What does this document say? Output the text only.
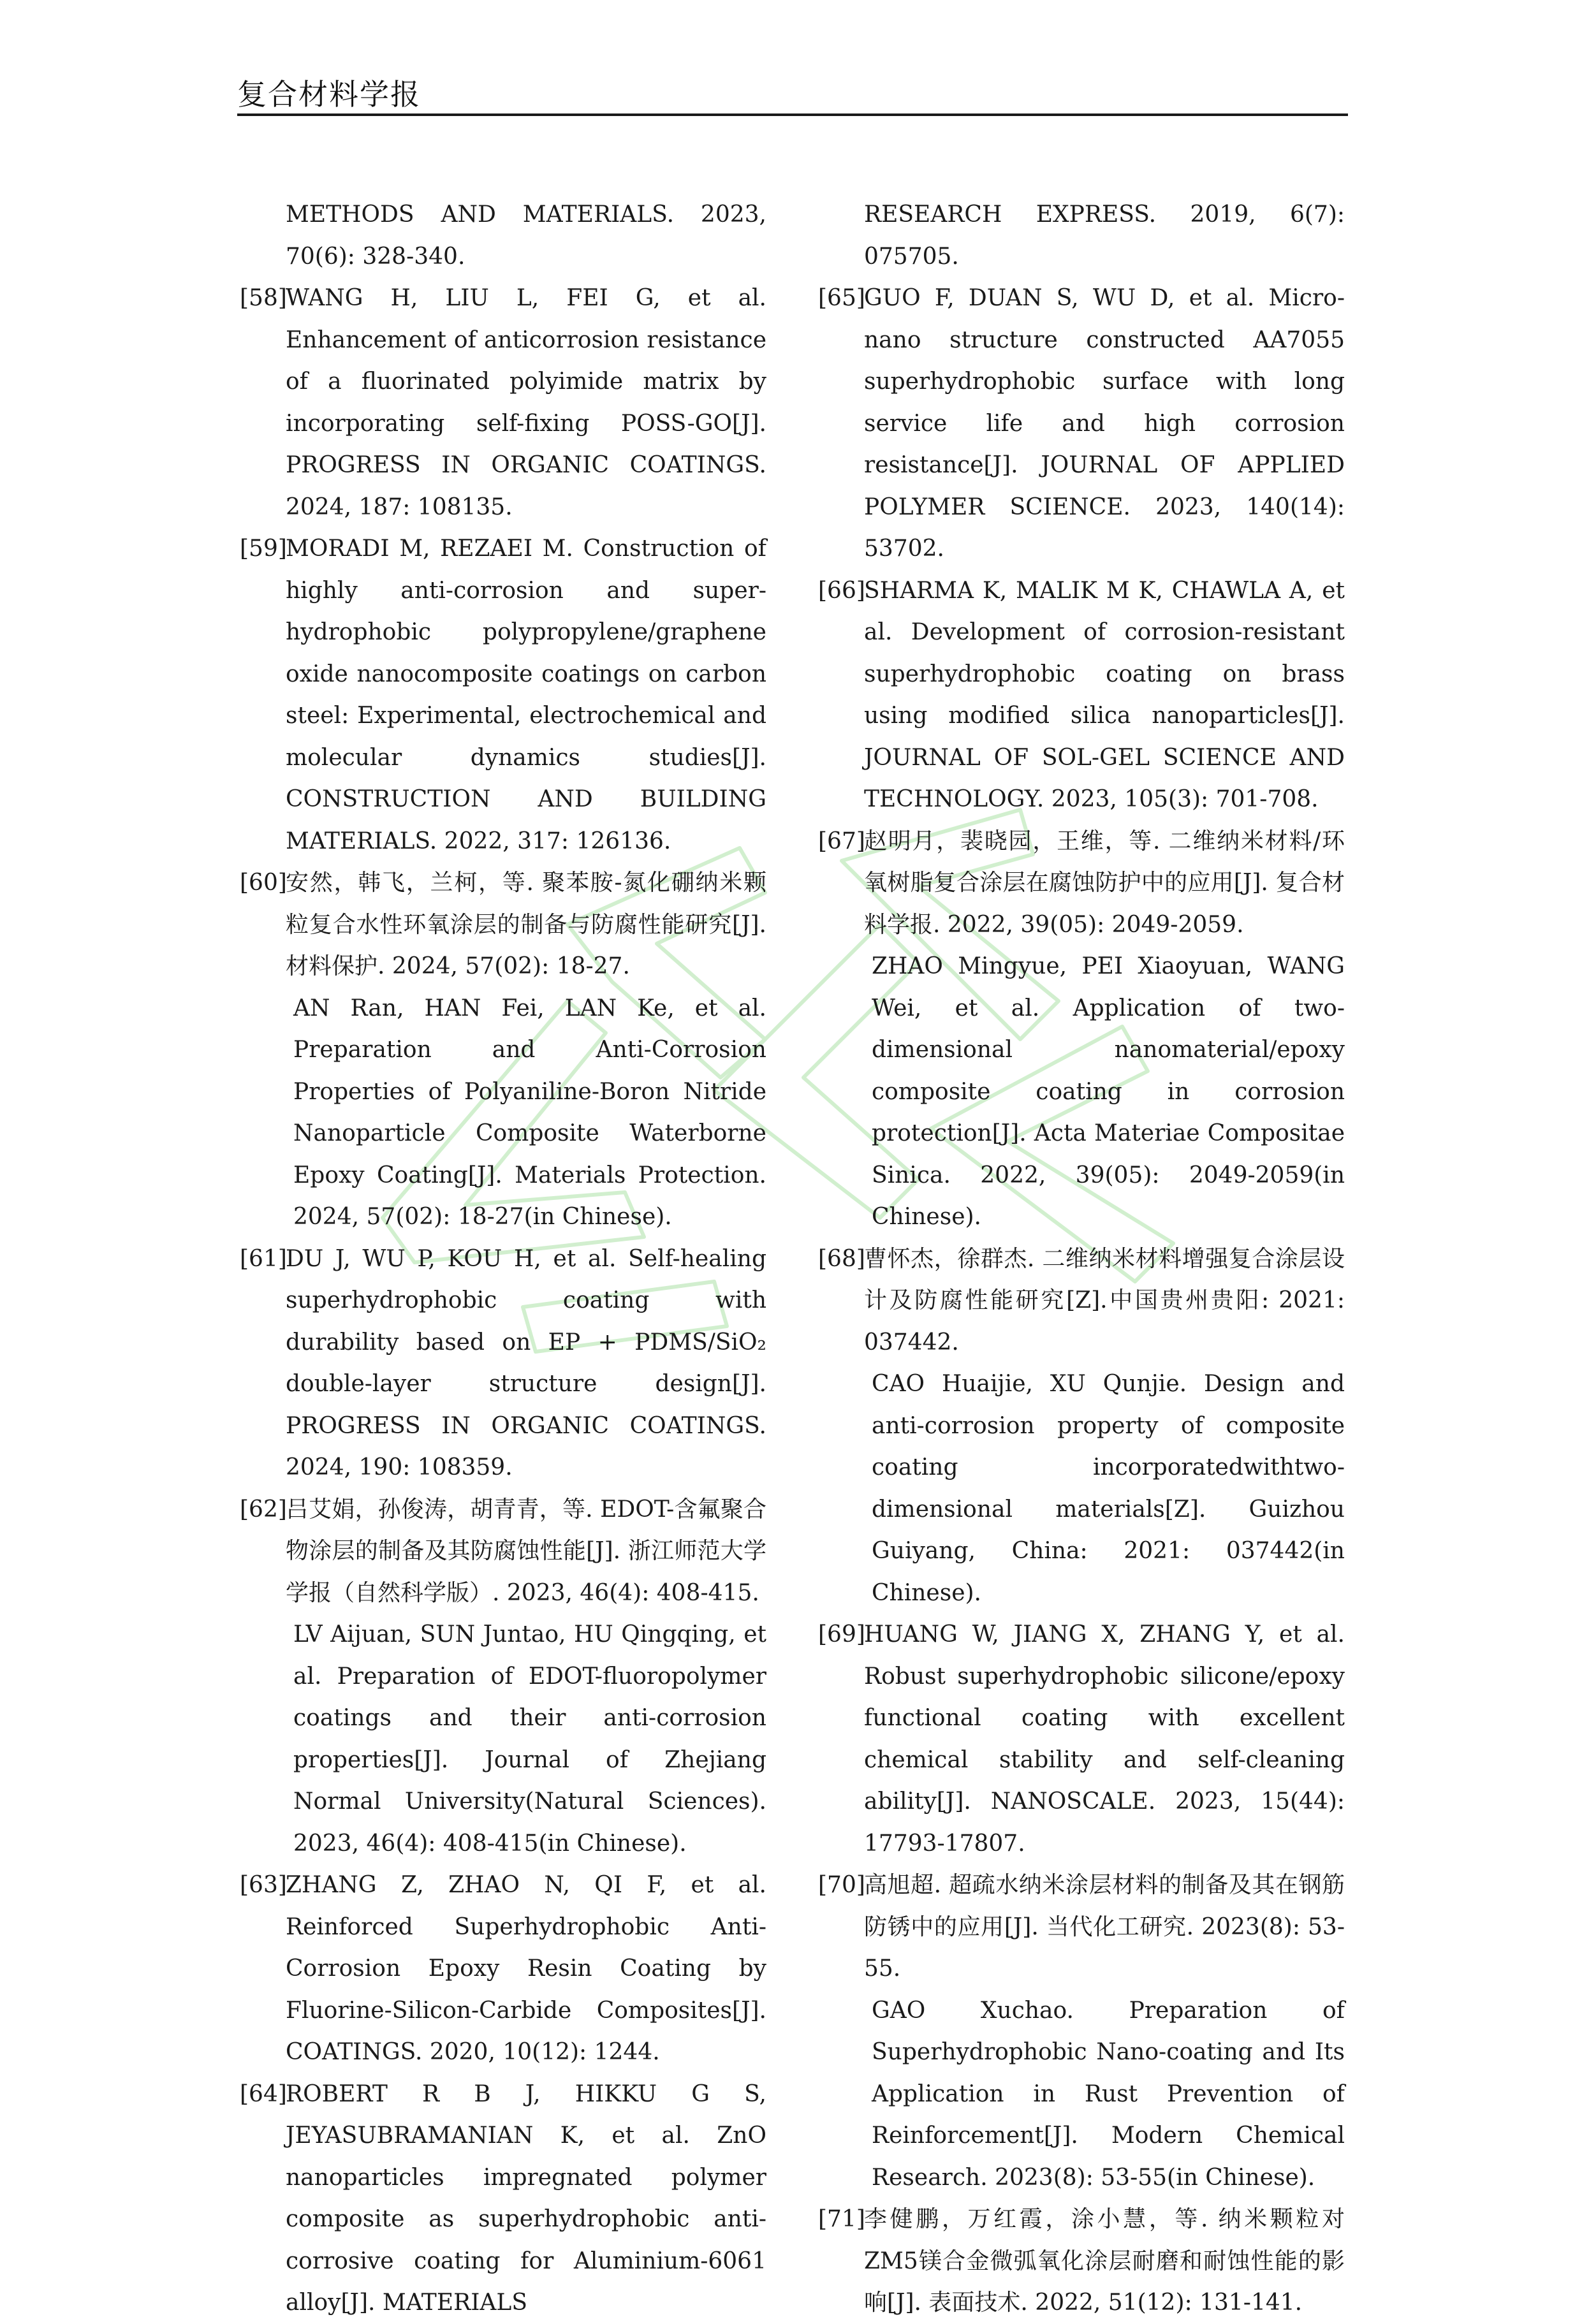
复合材料学报

METHODS AND MATERIALS. 2023, 70(6): 328-340.

[58]
WANG H, LIU L, FEI G, et al. Enhancement of anticorrosion resistance of a fluorinated polyimide matrix by incorporating self-fixing POSS-GO[J]. PROGRESS IN ORGANIC COATINGS. 2024, 187: 108135.
[59]
MORADI M, REZAEI M. Construction of highly anti-corrosion and super-hydrophobic polypropylene/graphene oxide nanocomposite coatings on carbon steel: Experimental, electrochemical and molecular dynamics studies[J]. CONSTRUCTION AND BUILDING MATERIALS. 2022, 317: 126136.
[60]
安然，韩飞，兰柯，等. 聚苯胺-氮化硼纳米颗粒复合水性环氧涂层的制备与防腐性能研究[J]. 材料保护. 2024, 57(02): 18-27.
AN Ran, HAN Fei, LAN Ke, et al. Preparation and Anti-Corrosion Properties of Polyaniline-Boron Nitride Nanoparticle Composite Waterborne Epoxy Coating[J]. Materials Protection. 2024, 57(02): 18-27(in Chinese).
[61]
DU J, WU P, KOU H, et al. Self-healing superhydrophobic coating with durability based on EP + PDMS/SiO₂ double-layer structure design[J]. PROGRESS IN ORGANIC COATINGS. 2024, 190: 108359.
[62]
吕艾娟，孙俊涛，胡青青，等. EDOT-含氟聚合物涂层的制备及其防腐蚀性能[J]. 浙江师范大学学报（自然科学版）. 2023, 46(4): 408-415.
LV Aijuan, SUN Juntao, HU Qingqing, et al. Preparation of EDOT-fluoropolymer coatings and their anti-corrosion properties[J]. Journal of Zhejiang Normal University(Natural Sciences). 2023, 46(4): 408-415(in Chinese).
[63]
ZHANG Z, ZHAO N, QI F, et al. Reinforced Superhydrophobic Anti-Corrosion Epoxy Resin Coating by Fluorine-Silicon-Carbide Composites[J]. COATINGS. 2020, 10(12): 1244.
[64]
ROBERT R B J, HIKKU G S, JEYASUBRAMANIAN K, et al. ZnO nanoparticles impregnated polymer composite as superhydrophobic anti-corrosive coating for Aluminium-6061 alloy[J]. MATERIALS

RESEARCH EXPRESS. 2019, 6(7): 075705.

[65]
GUO F, DUAN S, WU D, et al. Micro-nano structure constructed AA7055 superhydrophobic surface with long service life and high corrosion resistance[J]. JOURNAL OF APPLIED POLYMER SCIENCE. 2023, 140(14): 53702.
[66]
SHARMA K, MALIK M K, CHAWLA A, et al. Development of corrosion-resistant superhydrophobic coating on brass using modified silica nanoparticles[J]. JOURNAL OF SOL-GEL SCIENCE AND TECHNOLOGY. 2023, 105(3): 701-708.
[67]
赵明月，裴晓园，王维，等. 二维纳米材料/环氧树脂复合涂层在腐蚀防护中的应用[J]. 复合材料学报. 2022, 39(05): 2049-2059.
ZHAO Mingyue, PEI Xiaoyuan, WANG Wei, et al. Application of two-dimensional nanomaterial/epoxy composite coating in corrosion protection[J]. Acta Materiae Compositae Sinica. 2022, 39(05): 2049-2059(in Chinese).
[68]
曹怀杰，徐群杰. 二维纳米材料增强复合涂层设计及防腐性能研究[Z].中国贵州贵阳: 2021: 037442.
CAO Huaijie, XU Qunjie. Design and anti-corrosion property of composite coating incorporatedwithtwo-dimensional materials[Z]. Guizhou Guiyang, China: 2021: 037442(in Chinese).
[69]
HUANG W, JIANG X, ZHANG Y, et al. Robust superhydrophobic silicone/epoxy functional coating with excellent chemical stability and self-cleaning ability[J]. NANOSCALE. 2023, 15(44): 17793-17807.
[70]
高旭超. 超疏水纳米涂层材料的制备及其在钢筋防锈中的应用[J]. 当代化工研究. 2023(8): 53-55.
GAO Xuchao. Preparation of Superhydrophobic Nano-coating and Its Application in Rust Prevention of Reinforcement[J]. Modern Chemical Research. 2023(8): 53-55(in Chinese).
[71]
李健鹏，万红霞，涂小慧，等. 纳米颗粒对ZM5镁合金微弧氧化涂层耐磨和耐蚀性能的影响[J]. 表面技术. 2022, 51(12): 131-141.
